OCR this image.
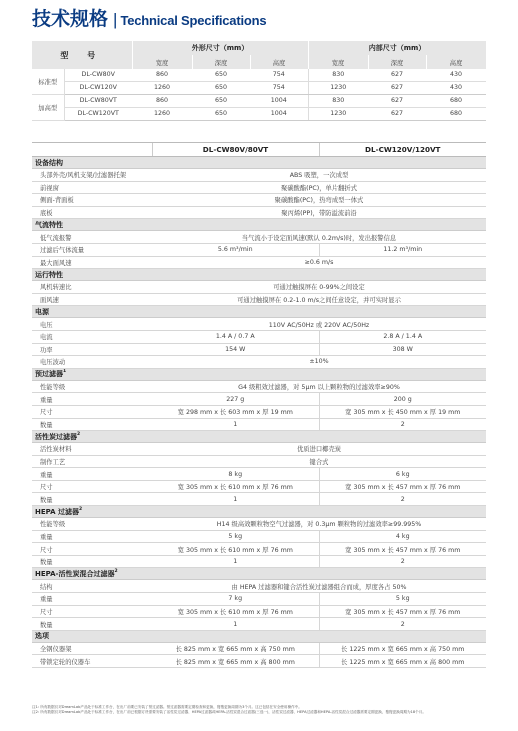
技术规格 | Technical Specifications
型 号		外形尺寸（mm）			内部尺寸（mm）		
		宽度	深度	高度	宽度	深度	高度
标准型	DL-CW80V	860	650	754	830	627	430
	DL-CW120V	1260	650	754	1230	627	430
加高型	DL-CW80VT	860	650	1004	830	627	680
	DL-CW120VT	1260	650	1004	1230	627	680
	DL-CW80V/80VT	DL-CW120V/120VT
设备结构		
头部外壳/风机支架/过滤器托架	ABS 吸塑，一次成型	
前视窗	聚碳酸酯(PC)，单片翻折式	
侧面-背面板	聚碳酸酯(PC)，热弯成型一体式	
底板	聚丙烯(PP)，带防溢流前沿	
气流特性		
低气流报警	当气流小于设定面风速(默认 0.2m/s)时，发出报警信息	
过滤后气体流量	5.6 m³/min	11.2 m³/min
最大面风速	≥0.6 m/s	
运行特性		
风机转速比	可通过触摸屏在 0-99%之间设定	
面风速	可通过触摸屏在 0.2-1.0 m/s之间任意设定，并可实时显示	
电源		
电压	110V AC/50Hz 或 220V AC/50Hz	
电流	1.4 A / 0.7 A	2.8 A / 1.4 A
功率	154 W	308 W
电压波动	±10%	
预过滤器$^1$
性能等级	G4 级粗效过滤器，对 5μm 以上颗粒物的过滤效率≥90%	
重量	227 g	200 g
尺寸	宽 298 mm x 长 603 mm x 厚 19 mm	宽 305 mm x 长 450 mm x 厚 19 mm
数量	1	2
活性炭过滤器$^2$
活性炭材料	优质进口椰壳炭	
制作工艺	键合式	
重量	8 kg	6 kg
尺寸	宽 305 mm x 长 610 mm x 厚 76 mm	宽 305 mm x 长 457 mm x 厚 76 mm
数量	1	2
HEPA 过滤器$^2$
性能等级	H14 级高效颗粒物空气过滤器，对 0.3μm 颗粒物的过滤效率≥99.995%	
重量	5 kg	4 kg
尺寸	宽 305 mm x 长 610 mm x 厚 76 mm	宽 305 mm x 长 457 mm x 厚 76 mm
数量	1	2
HEPA-活性炭混合过滤器$^2$
结构	由 HEPA 过滤器和键合活性炭过滤器组合而成，厚度各占 50%	
重量	7 kg	5 kg
尺寸	宽 305 mm x 长 610 mm x 厚 76 mm	宽 305 mm x 长 457 mm x 厚 76 mm
数量	1	2
选项		
全钢仪器架	长 825 mm x 宽 665 mm x 高 750 mm	长 1225 mm x 宽 665 mm x 高 750 mm
带锁定轮的仪器车	长 825 mm x 宽 665 mm x 高 800 mm	长 1225 mm x 宽 665 mm x 高 800 mm
注1: 所有数据仅对DreamLab产品处于标准工作台，在出厂前要已安装了预过滤器。预过滤器需要定期检查和更换，搜搜更换周期为3个月。这已包括在安全使用操作中。
注2: 所有数据仅对DreamLab产品处于标准工作台，在出厂前已根据订货需要安装了活性炭过滤器、HEPA过滤器或HEPA-活性炭混合过滤器(三选一)，活性炭过滤器、HEPA过滤器和HEPA-活性炭混合过滤器需要定期更换，搜搜更换周期为18个月。
